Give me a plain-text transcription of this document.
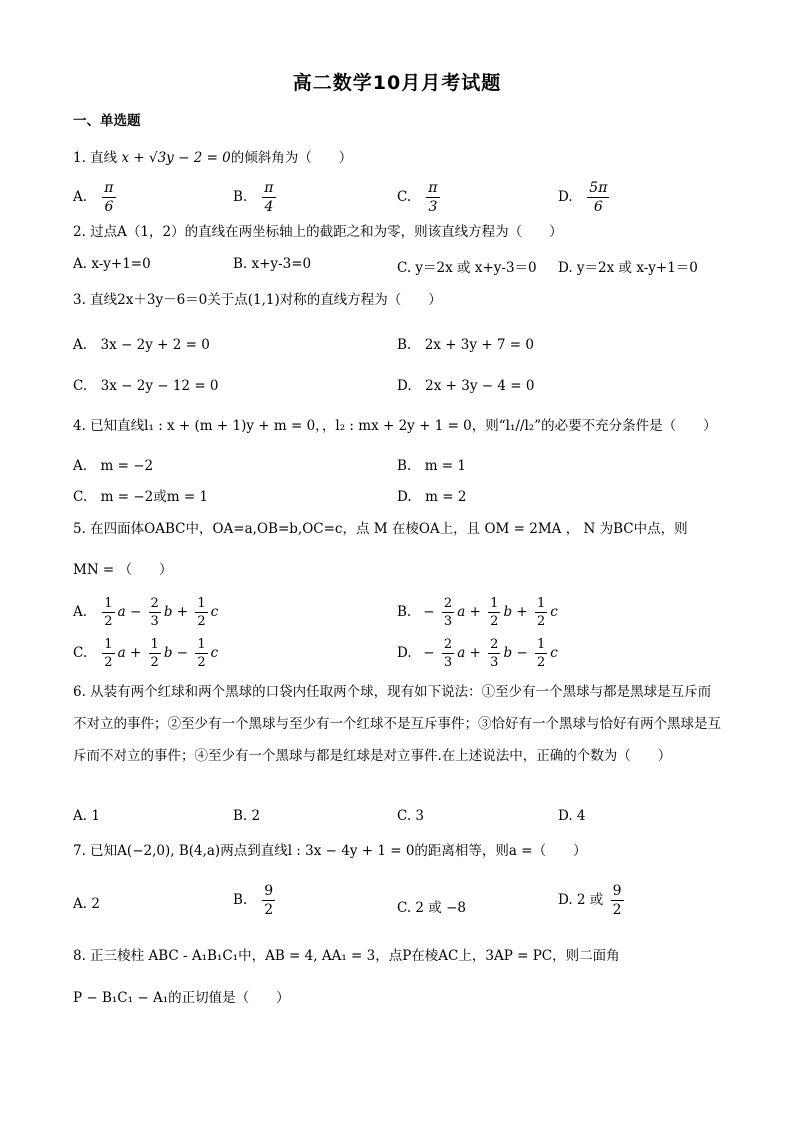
高二数学10月月考试题
一、单选题
1. 直线 x + √3y − 2 = 0的倾斜角为（　　）
A. $\frac{\pi}{6}$	B. $\frac{\pi}{4}$	C. $\frac{\pi}{3}$	D. $\frac{5\pi}{6}$
2. 过点A（1，2）的直线在两坐标轴上的截距之和为零，则该直线方程为（　　）
A. x-y+1=0	B. x+y-3=0	C. y＝2x 或 x+y-3＝0 D. y＝2x 或 x-y+1＝0
3. 直线2x＋3y－6＝0关于点(1,1)对称的直线方程为（　　）
A.　3x − 2y + 2 = 0	B.　2x + 3y + 7 = 0
C.　3x − 2y − 12 = 0	D.　2x + 3y − 4 = 0
4. 已知直线l₁ : x + (m + 1)y + m = 0，，l₂ : mx + 2y + 1 = 0，则“l₁//l₂”的必要不充分条件是（　　）
A.　m = −2	B.　m = 1
C.　m = −2或m = 1	D.　m = 2
5. 在四面体OABC中，OA=a,OB=b,OC=c，点 M 在棱OA上，且 OM = 2MA ， N 为BC中点，则
MN = （　　）
A. $\frac{1}{2}$ $a - \frac{2}{3}$ $b + \frac{1}{2}$ c	B. − $\frac{2}{3}$ $a + \frac{1}{2}$ $b + \frac{1}{2}$ c
C. $\frac{1}{2}$ $a + \frac{1}{2}$ $b - \frac{1}{2}$ c	D. − $\frac{2}{3}$ $a + \frac{2}{3}$ $b - \frac{1}{2}$ c
6. 从装有两个红球和两个黑球的口袋内任取两个球，现有如下说法：①至少有一个黑球与都是黑球是互斥而不对立的事件；②至少有一个黑球与至少有一个红球不是互斥事件；③恰好有一个黑球与恰好有两个黑球是互斥而不对立的事件；④至少有一个黑球与都是红球是对立事件.在上述说法中，正确的个数为（　　）
A. 1	B. 2	C. 3	D. 4
7. 已知A(−2,0), B(4,a)两点到直线l : 3x − 4y + 1 = 0的距离相等，则a =（　　）
A. 2	B. $\frac{9}{2}$	C. 2 或 −8	D. 2 或 $\frac{9}{2}$
8. 正三棱柱 ABC - A₁B₁C₁中，AB = 4, AA₁ = 3，点P在棱AC上，3AP = PC，则二面角
P − B₁C₁ − A₁的正切值是（　　）
